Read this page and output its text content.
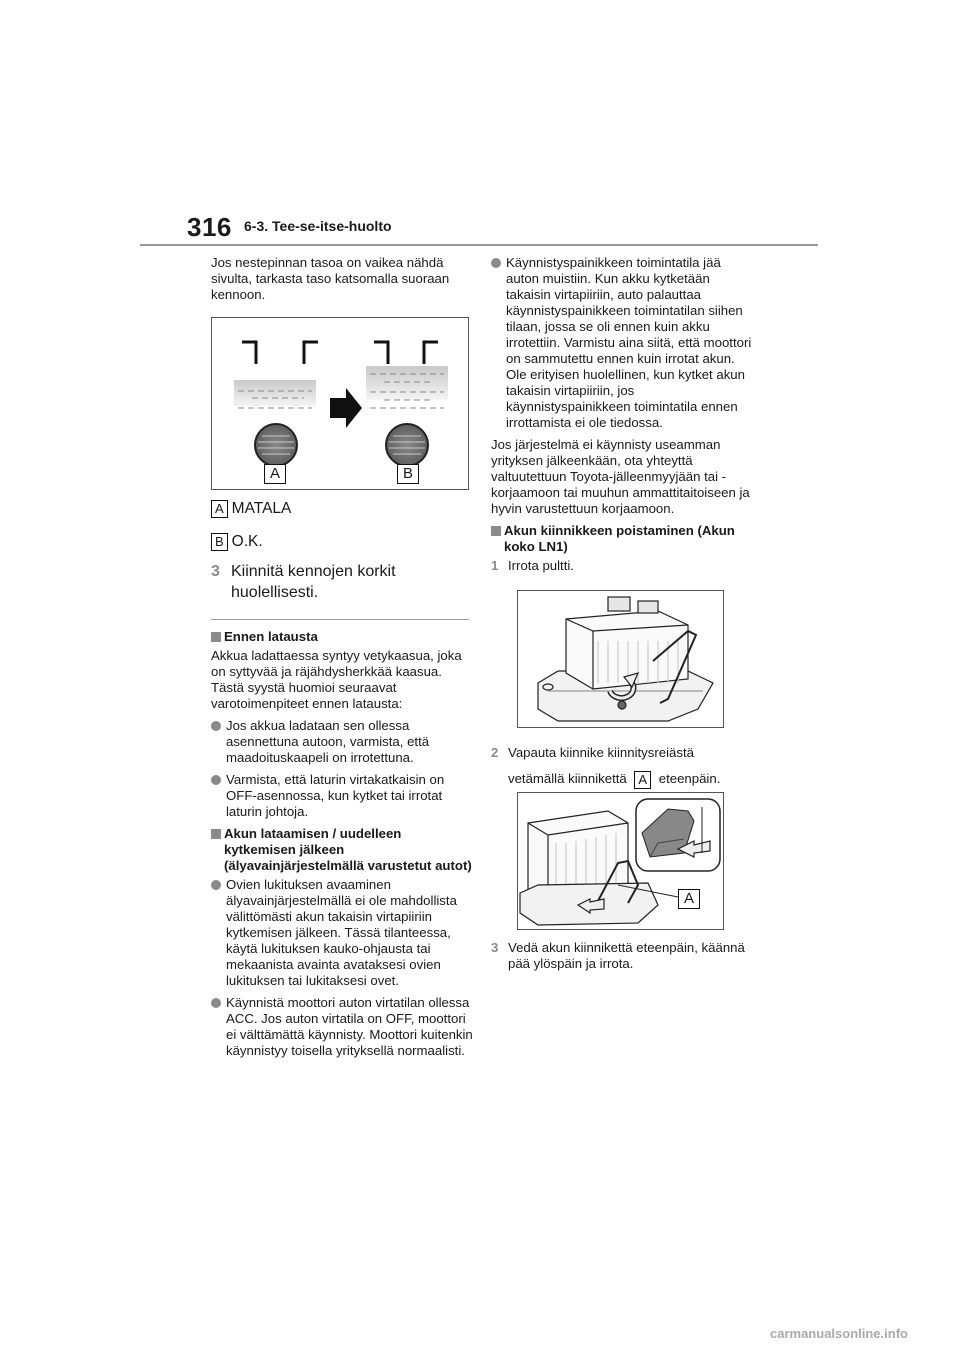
316 6-3. Tee-se-itse-huolto

Jos nestepinnan tasoa on vaikea nähdä sivulta, tarkasta taso katsomalla suoraan kennoon.

A	B
A MATALA
B O.K.
3 Kiinnitä kennojen korkit huolellisesti.
Ennen latausta

Akkua ladattaessa syntyy vetykaasua, joka on syttyvää ja räjähdysherkkää kaasua. Tästä syystä huomioi seuraavat varotoimenpiteet ennen latausta:

Jos akkua ladataan sen ollessa asennettuna autoon, varmista, että maadoituskaapeli on irrotettuna.
Varmista, että laturin virtakatkaisin on OFF-asennossa, kun kytket tai irrotat laturin johtoja.
Akun lataamisen / uudelleen kytkemisen jälkeen (älyavainjärjestelmällä varustetut autot)
Ovien lukituksen avaaminen älyavainjärjestelmällä ei ole mahdollista välittömästi akun takaisin virtapiiriin kytkemisen jälkeen. Tässä tilanteessa, käytä lukituksen kauko-ohjausta tai mekaanista avainta avataksesi ovien lukituksen tai lukitaksesi ovet.
Käynnistä moottori auton virtatilan ollessa ACC. Jos auton virtatila on OFF, moottori ei välttämättä käynnisty. Moottori kuitenkin käynnistyy toisella yrityksellä normaalisti.
Käynnistyspainikkeen toimintatila jää auton muistiin. Kun akku kytketään takaisin virtapiiriin, auto palauttaa käynnistyspainikkeen toimintatilan siihen tilaan, jossa se oli ennen kuin akku irrotettiin. Varmistu aina siitä, että moottori on sammutettu ennen kuin irrotat akun. Ole erityisen huolellinen, kun kytket akun takaisin virtapiiriin, jos käynnistyspainikkeen toimintatila ennen irrottamista ei ole tiedossa.

Jos järjestelmä ei käynnisty useamman yrityksen jälkeenkään, ota yhteyttä valtuutettuun Toyota-jälleenmyyjään tai -korjaamoon tai muuhun ammattitaitoiseen ja hyvin varustettuun korjaamoon.

Akun kiinnikkeen poistaminen (Akun koko LN1)
1 Irrota pultti.
2 Vapauta kiinnike kiinnitysreiästä vetämällä kiinnikettä A eteenpäin.
A
3 Vedä akun kiinnikettä eteenpäin, käännä pää ylöspäin ja irrota.
carmanualsonline.info
